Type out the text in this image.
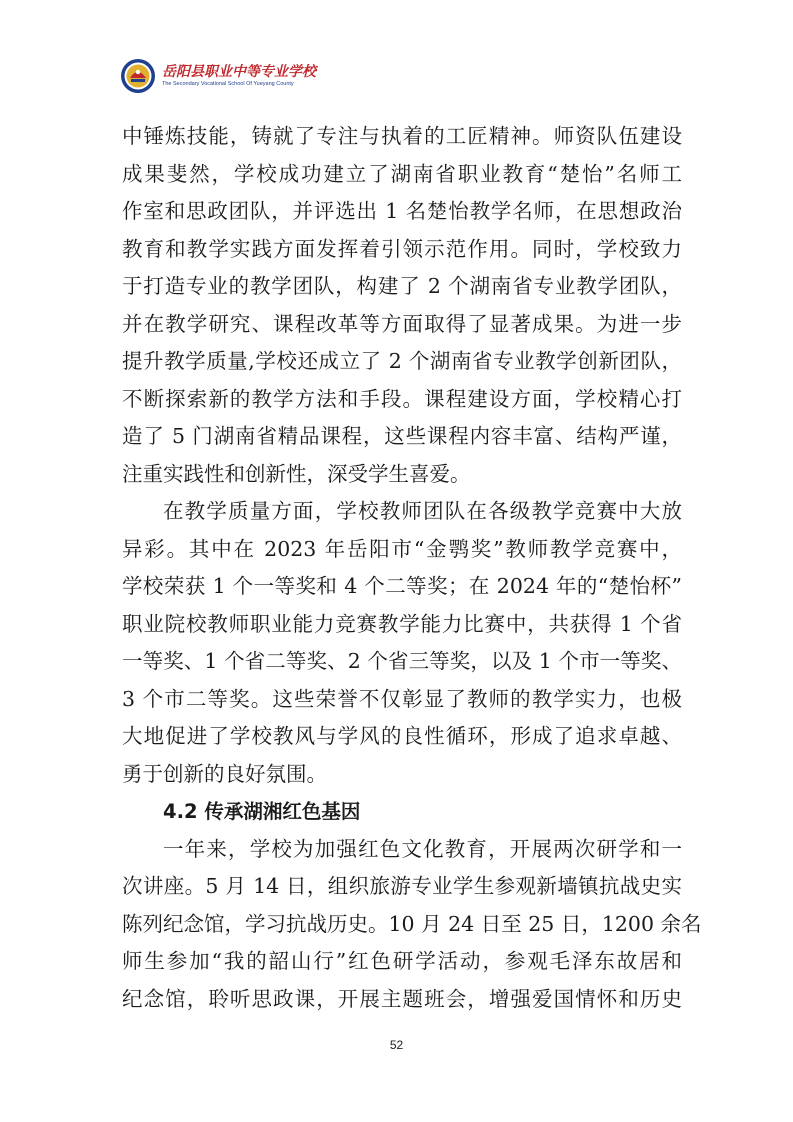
岳阳县职业中等专业学校
The Secondary Vocational School Of Yueyang County
中锤炼技能，铸就了专注与执着的工匠精神。师资队伍建设
成果斐然，学校成功建立了湖南省职业教育“楚怡”名师工
作室和思政团队，并评选出 1 名楚怡教学名师，在思想政治
教育和教学实践方面发挥着引领示范作用。同时，学校致力
于打造专业的教学团队，构建了 2 个湖南省专业教学团队，
并在教学研究、课程改革等方面取得了显著成果。为进一步
提升教学质量,学校还成立了 2 个湖南省专业教学创新团队，
不断探索新的教学方法和手段。课程建设方面，学校精心打
造了 5 门湖南省精品课程，这些课程内容丰富、结构严谨，
注重实践性和创新性，深受学生喜爱。
在教学质量方面，学校教师团队在各级教学竞赛中大放
异彩。其中在 2023 年岳阳市“金鹗奖”教师教学竞赛中，
学校荣获 1 个一等奖和 4 个二等奖；在 2024 年的“楚怡杯”
职业院校教师职业能力竞赛教学能力比赛中，共获得 1 个省
一等奖、1 个省二等奖、2 个省三等奖，以及 1 个市一等奖、
3 个市二等奖。这些荣誉不仅彰显了教师的教学实力，也极
大地促进了学校教风与学风的良性循环，形成了追求卓越、
勇于创新的良好氛围。
4.2 传承湖湘红色基因
一年来，学校为加强红色文化教育，开展两次研学和一
次讲座。5 月 14 日，组织旅游专业学生参观新墙镇抗战史实
陈列纪念馆，学习抗战历史。10 月 24 日至 25 日，1200 余名
师生参加“我的韶山行”红色研学活动，参观毛泽东故居和
纪念馆，聆听思政课，开展主题班会，增强爱国情怀和历史
52
